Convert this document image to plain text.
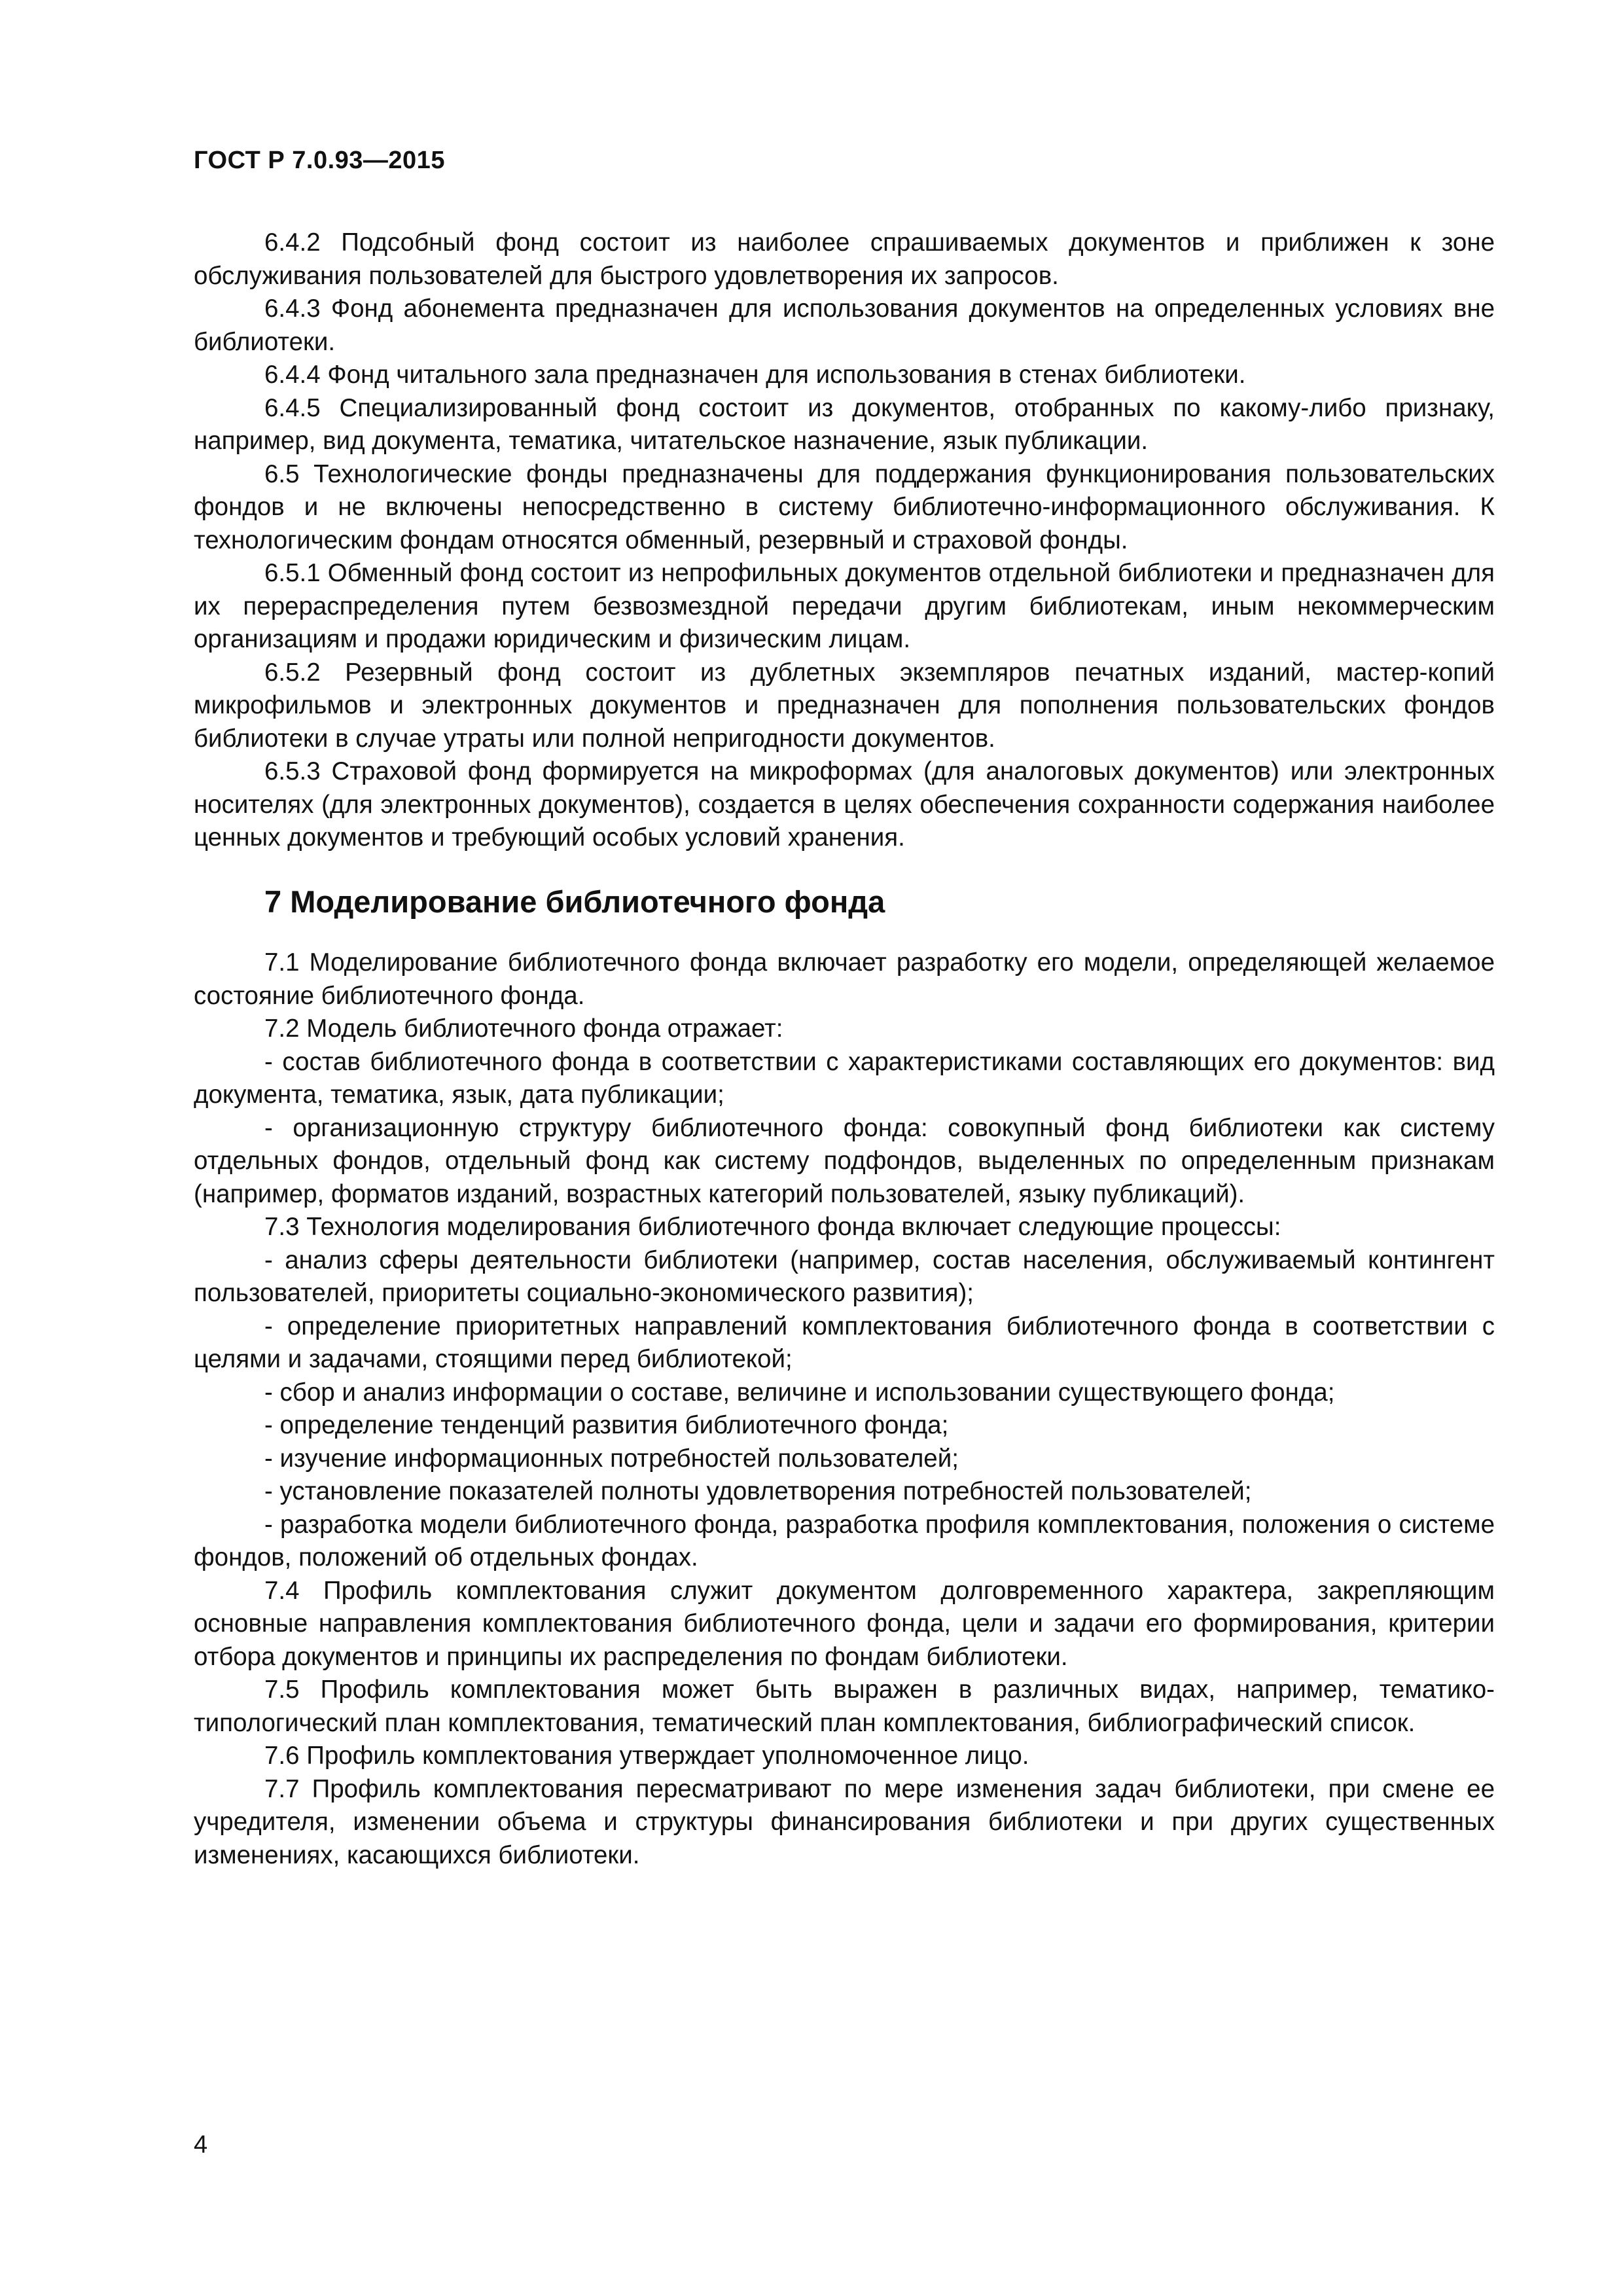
ГОСТ Р 7.0.93—2015

6.4.2 Подсобный фонд состоит из наиболее спрашиваемых документов и приближен к зоне обслуживания пользователей для быстрого удовлетворения их запросов.

6.4.3 Фонд абонемента предназначен для использования документов на определенных условиях вне библиотеки.

6.4.4 Фонд читального зала предназначен для использования в стенах библиотеки.

6.4.5 Специализированный фонд состоит из документов, отобранных по какому-либо признаку, например, вид документа, тематика, читательское назначение, язык публикации.

6.5 Технологические фонды предназначены для поддержания функционирования пользовательских фондов и не включены непосредственно в систему библиотечно-информационного обслуживания. К технологическим фондам относятся обменный, резервный и страховой фонды.

6.5.1 Обменный фонд состоит из непрофильных документов отдельной библиотеки и предназначен для их перераспределения путем безвозмездной передачи другим библиотекам, иным некоммерческим организациям и продажи юридическим и физическим лицам.

6.5.2 Резервный фонд состоит из дублетных экземпляров печатных изданий, мастер-копий микрофильмов и электронных документов и предназначен для пополнения пользовательских фондов библиотеки в случае утраты или полной непригодности документов.

6.5.3 Страховой фонд формируется на микроформах (для аналоговых документов) или электронных носителях (для электронных документов), создается в целях обеспечения сохранности содержания наиболее ценных документов и требующий особых условий хранения.

7 Моделирование библиотечного фонда

7.1 Моделирование библиотечного фонда включает разработку его модели, определяющей желаемое состояние библиотечного фонда.

7.2 Модель библиотечного фонда отражает:

- состав библиотечного фонда в соответствии с характеристиками составляющих его документов: вид документа, тематика, язык, дата публикации;

- организационную структуру библиотечного фонда: совокупный фонд библиотеки как систему отдельных фондов, отдельный фонд как систему подфондов, выделенных по определенным признакам (например, форматов изданий, возрастных категорий пользователей, языку публикаций).

7.3 Технология моделирования библиотечного фонда включает следующие процессы:

- анализ сферы деятельности библиотеки (например, состав населения, обслуживаемый контингент пользователей, приоритеты социально-экономического развития);

- определение приоритетных направлений комплектования библиотечного фонда в соответствии с целями и задачами, стоящими перед библиотекой;

- сбор и анализ информации о составе, величине и использовании существующего фонда;

- определение тенденций развития библиотечного фонда;

- изучение информационных потребностей пользователей;

- установление показателей полноты удовлетворения потребностей пользователей;

- разработка модели библиотечного фонда, разработка профиля комплектования, положения о системе фондов, положений об отдельных фондах.

7.4 Профиль комплектования служит документом долговременного характера, закрепляющим основные направления комплектования библиотечного фонда, цели и задачи его формирования, критерии отбора документов и принципы их распределения по фондам библиотеки.

7.5 Профиль комплектования может быть выражен в различных видах, например, тематико-типологический план комплектования, тематический план комплектования, библиографический список.

7.6 Профиль комплектования утверждает уполномоченное лицо.

7.7 Профиль комплектования пересматривают по мере изменения задач библиотеки, при смене ее учредителя, изменении объема и структуры финансирования библиотеки и при других существенных изменениях, касающихся библиотеки.

4
